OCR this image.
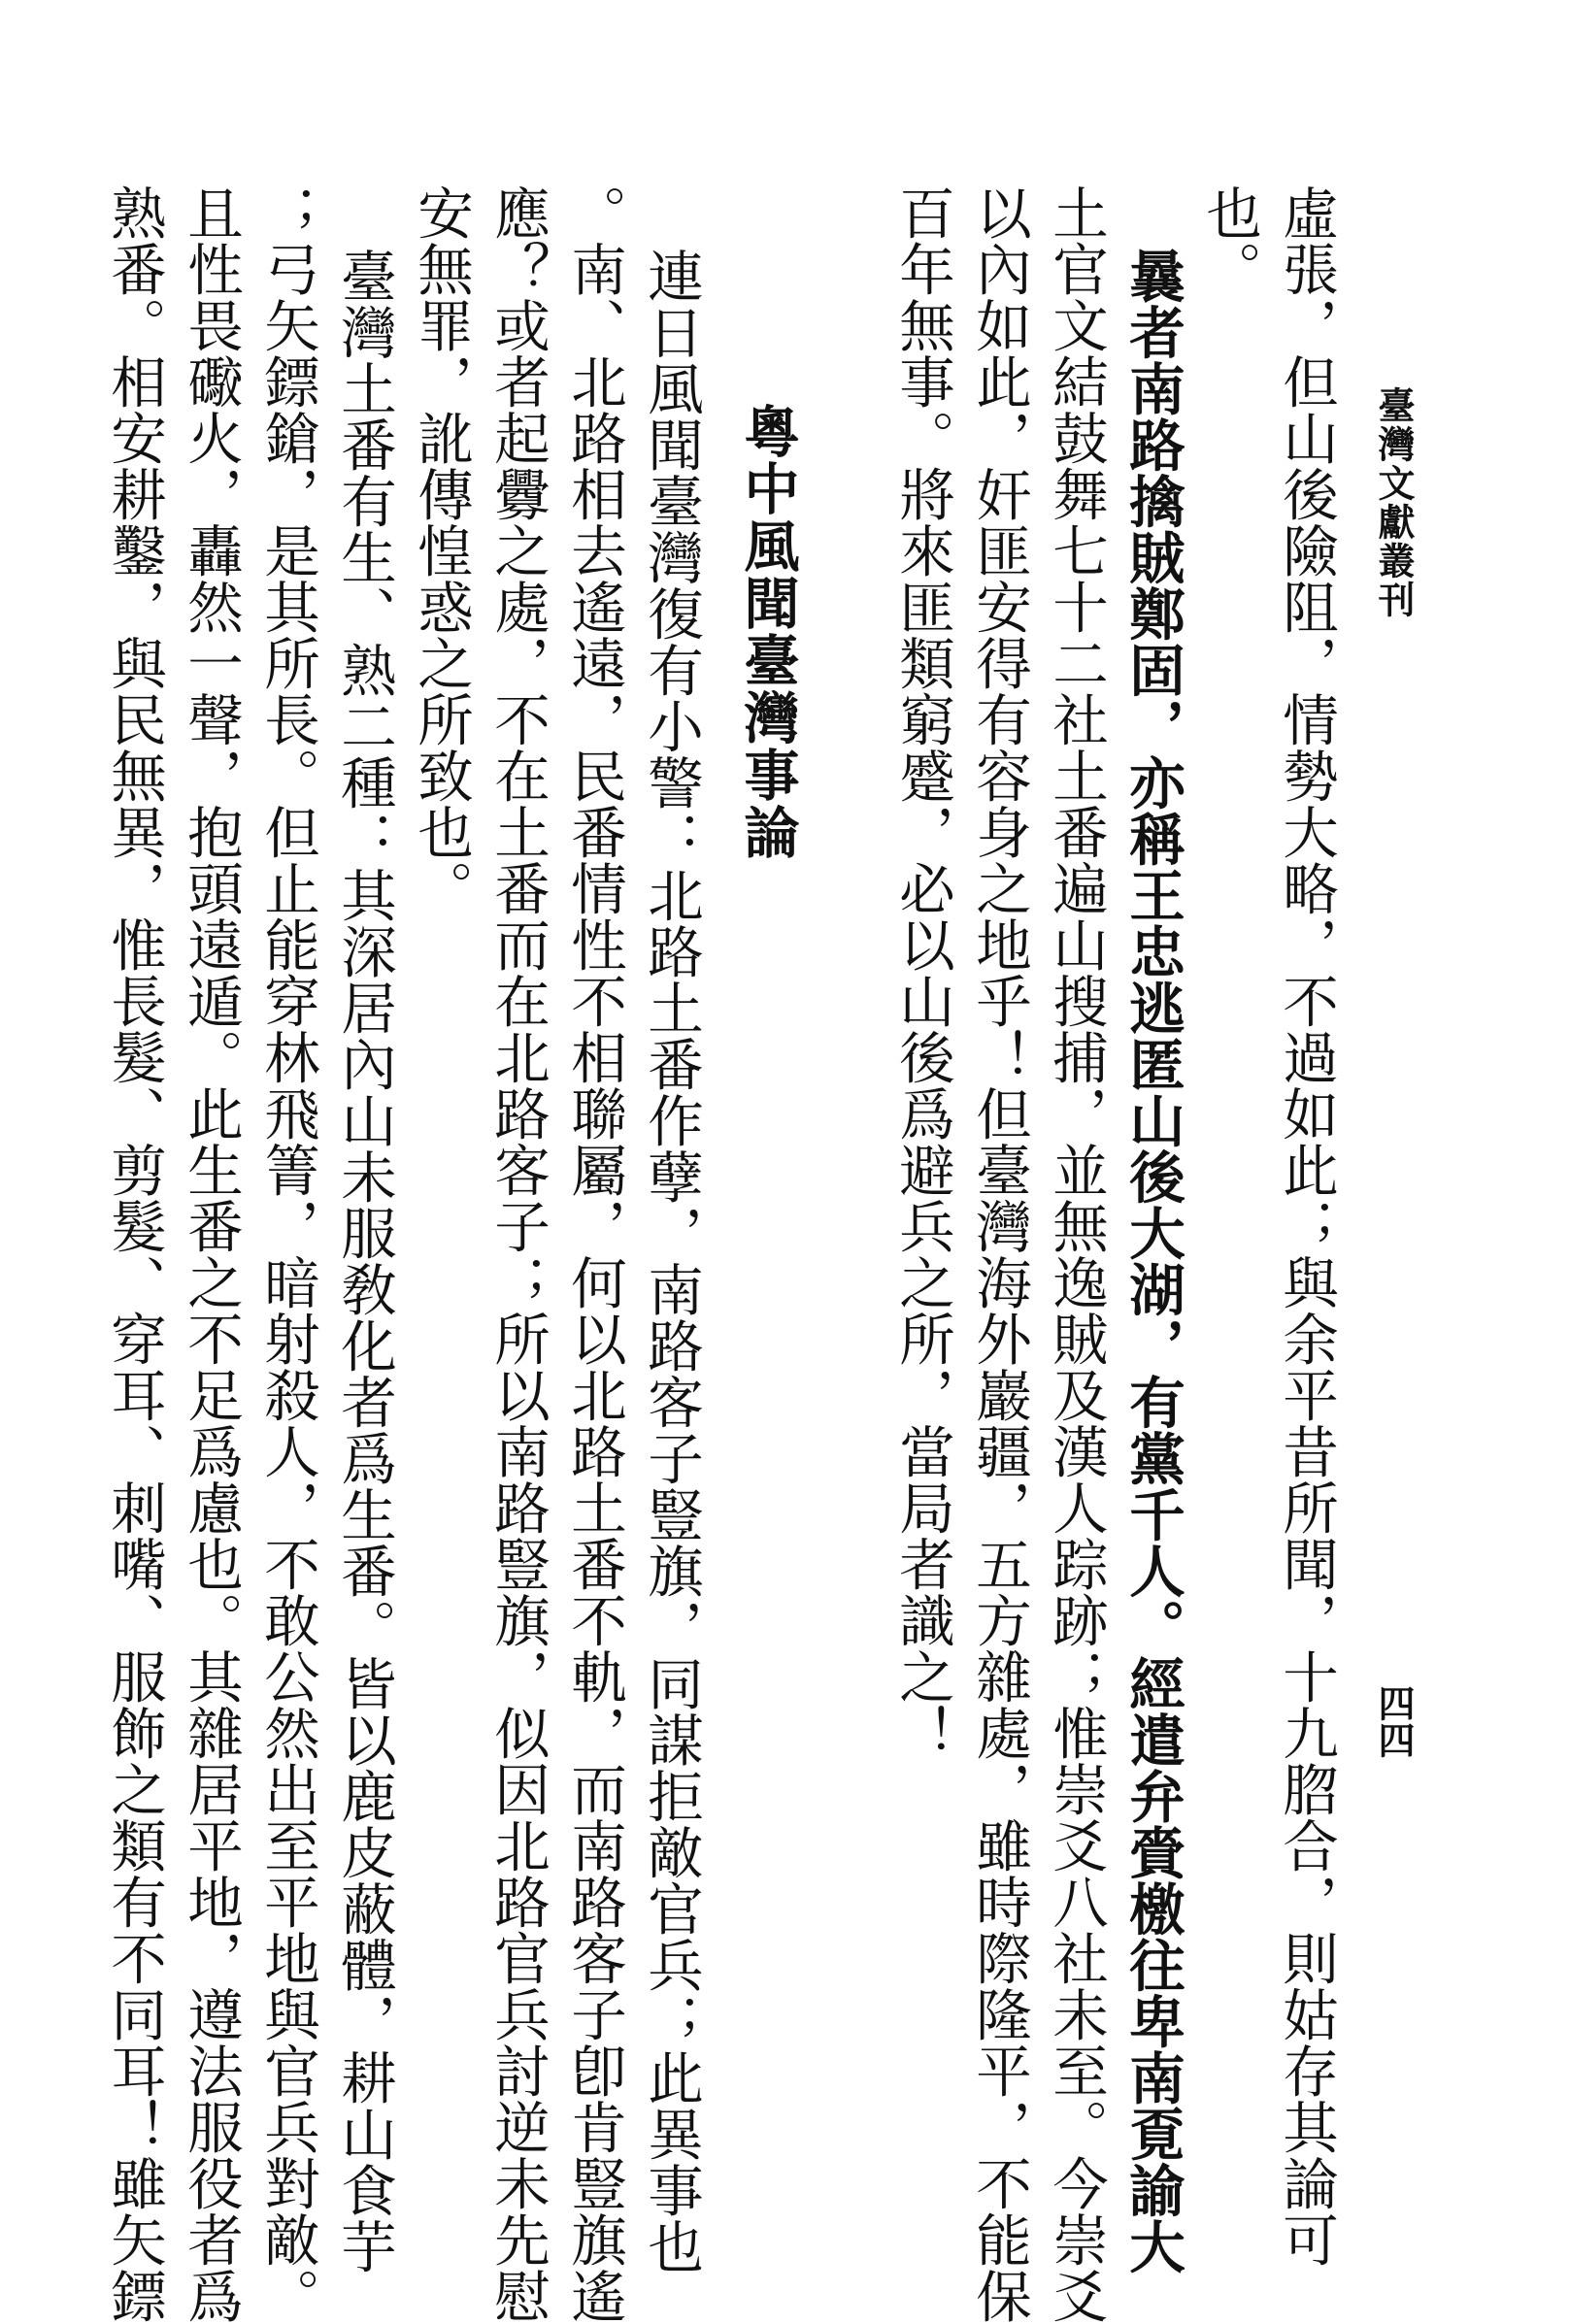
臺灣文獻叢刊
四四
虛張，但山後險阻，情勢大略，不過如此；與余平昔所聞，十九脗合，則姑存其論可
也。
曩者南路擒賊鄭固，亦稱王忠逃匿山後大湖，有黨千人。經遣弁賫檄往卑南覔諭大
土官文結鼓舞七十二社土番遍山搜捕，並無逸賊及漢人踪跡；惟崇爻八社未至。今崇爻
以內如此，奸匪安得有容身之地乎！但臺灣海外巖疆，五方雜處，雖時際隆平，不能保
百年無事。將來匪類窮蹙，必以山後爲避兵之所，當局者識之！
粵中風聞臺灣事論
連日風聞臺灣復有小警：北路土番作孽，南路客子豎旗，同謀拒敵官兵；此異事也
。南、北路相去遙遠，民番情性不相聯屬，何以北路土番不軌，而南路客子卽肯豎旗遙
應？或者起釁之處，不在土番而在北路客子；所以南路豎旗，似因北路官兵討逆未先慰
安無罪，訛傳惶惑之所致也。
臺灣土番有生、熟二種：其深居內山未服敎化者爲生番。皆以鹿皮蔽體，耕山食芋
；弓矢鏢鎗，是其所長。但止能穿林飛箐，暗射殺人，不敢公然出至平地與官兵對敵。
且性畏礮火，轟然一聲，抱頭遠遁。此生番之不足爲慮也。其雜居平地，遵法服役者爲
熟番。相安耕鑿，與民無異，惟長髮、剪髮、穿耳、刺嘴、服飾之類有不同耳！雖矢鏢
